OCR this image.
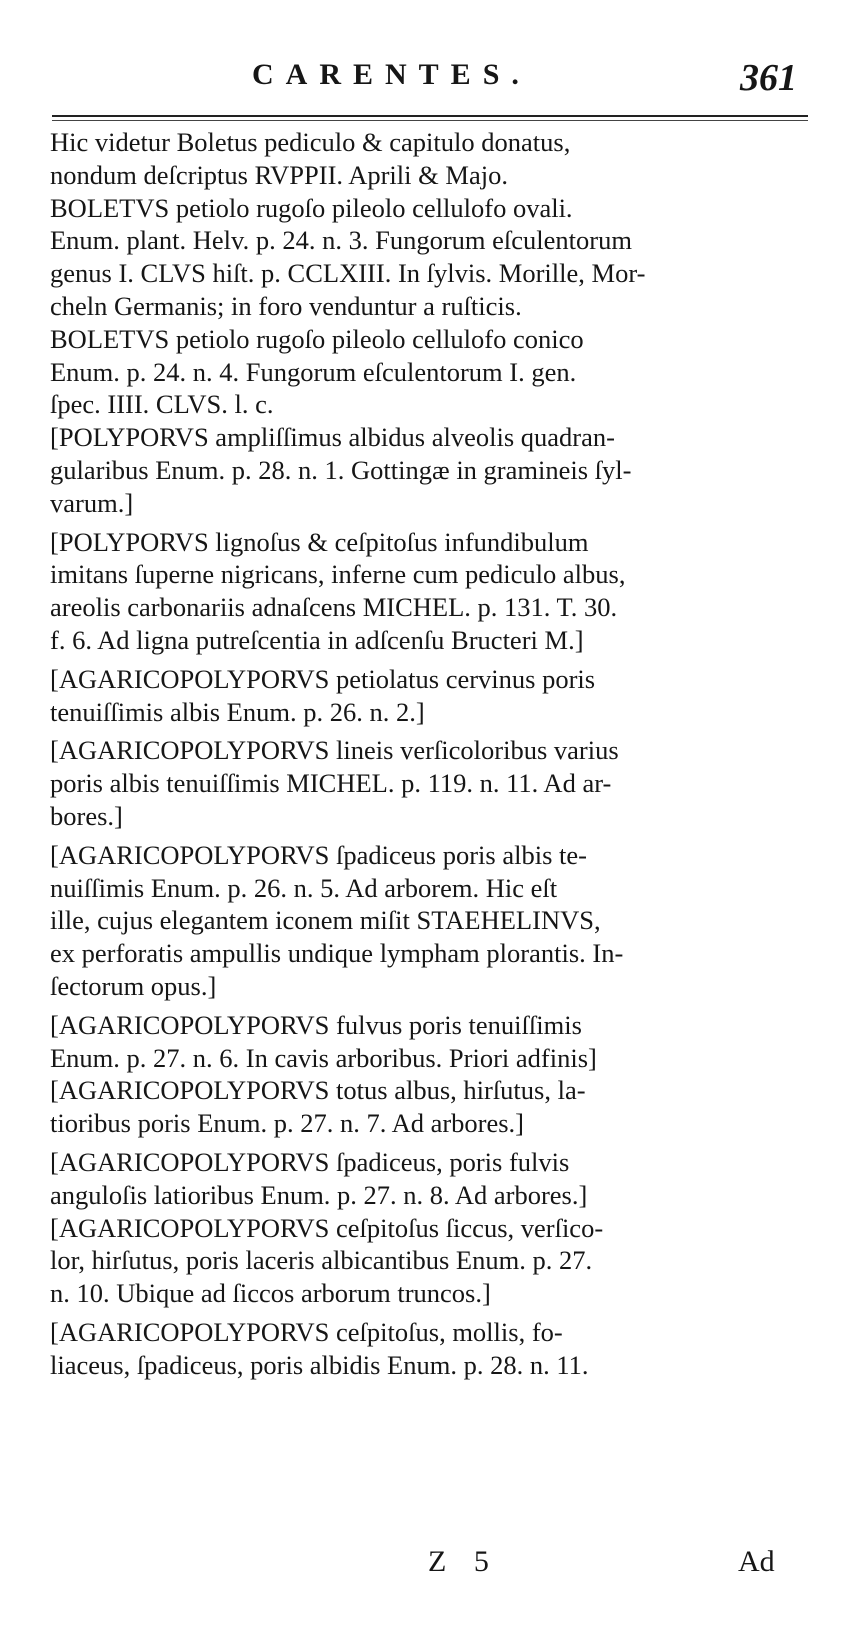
CARENTES.	361
Hic videtur Boletus pediculo & capitulo donatus,
nondum deſcriptus RVPPII. Aprili & Majo.
BOLETVS petiolo rugoſo pileolo cellulofo ovali.
Enum. plant. Helv. p. 24. n. 3. Fungorum eſculentorum
genus I. CLVS hiſt. p. CCLXIII. In ſylvis. Morille, Mor-
cheln Germanis; in foro venduntur a ruſticis.
BOLETVS petiolo rugoſo pileolo cellulofo conico
Enum. p. 24. n. 4. Fungorum eſculentorum I. gen.
ſpec. IIII. CLVS. l. c.
[POLYPORVS ampliſſimus albidus alveolis quadran-
gularibus Enum. p. 28. n. 1. Gottingæ in gramineis ſyl-
varum.]
[POLYPORVS lignoſus & ceſpitoſus infundibulum
imitans ſuperne nigricans, inferne cum pediculo albus,
areolis carbonariis adnaſcens MICHEL. p. 131. T. 30.
f. 6. Ad ligna putreſcentia in adſcenſu Bructeri M.]
[AGARICOPOLYPORVS petiolatus cervinus poris
tenuiſſimis albis Enum. p. 26. n. 2.]
[AGARICOPOLYPORVS lineis verſicoloribus varius
poris albis tenuiſſimis MICHEL. p. 119. n. 11. Ad ar-
bores.]
[AGARICOPOLYPORVS ſpadiceus poris albis te-
nuiſſimis Enum. p. 26. n. 5. Ad arborem. Hic eſt
ille, cujus elegantem iconem miſit STAEHELINVS,
ex perforatis ampullis undique lympham plorantis. In-
ſectorum opus.]
[AGARICOPOLYPORVS fulvus poris tenuiſſimis
Enum. p. 27. n. 6. In cavis arboribus. Priori adfinis]
[AGARICOPOLYPORVS totus albus, hirſutus, la-
tioribus poris Enum. p. 27. n. 7. Ad arbores.]
[AGARICOPOLYPORVS ſpadiceus, poris fulvis
anguloſis latioribus Enum. p. 27. n. 8. Ad arbores.]
[AGARICOPOLYPORVS ceſpitoſus ſiccus, verſico-
lor, hirſutus, poris laceris albicantibus Enum. p. 27.
n. 10. Ubique ad ſiccos arborum truncos.]
[AGARICOPOLYPORVS ceſpitoſus, mollis, fo-
liaceus, ſpadiceus, poris albidis Enum. p. 28. n. 11.
Z 5	Ad
